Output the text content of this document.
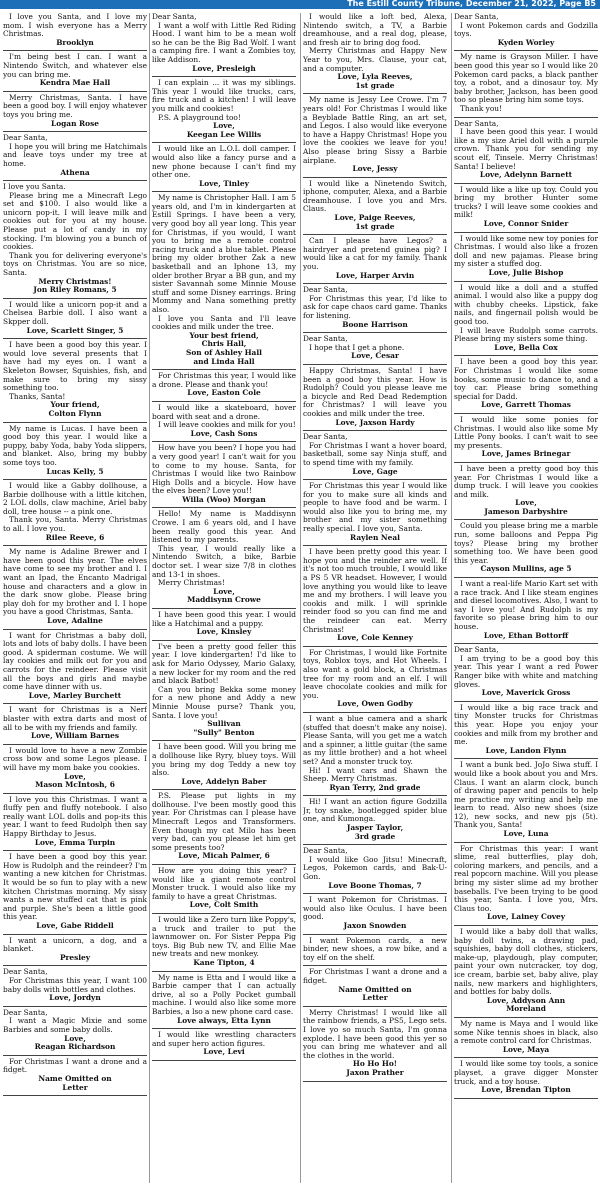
The Estill County Tribune, December 21, 2022, Page B5

I love you Santa, and I love my mom. I wish everyone has a Merry Christmas.

Brooklyn

I'm being best I can. I want a Nintendo Switch, and whatever else you can bring me.

Kendra Mae Hall

Merry Christmas, Santa. I have been a good boy. I will enjoy whatever toys you bring me.

Logan Rose

Dear Santa,

I hope you will bring me Hatchimals and leave toys under my tree at home.

Athena

I love you Santa.

Please bring me a Minecraft Lego set and $100. I also would like a unicorn pop-it. I will leave milk and cookies out for you at my house. Please put a lot of candy in my stocking. I'm blowing you a bunch of cookies.

Thank you for delivering everyone's toys on Christmas. You are so nice, Santa.

Merry Christmas!

Jon Riley Romans, 5

I would like a unicorn pop-it and a Chelsea Barbie doll. I also want a Skpper doll.

Love, Scarlett Singer, 5

I have been a good boy this year. I would love several presents that I have had my eyes on. I want a Skeleton Bowser, Squishies, fish, and make sure to bring my sissy something too.

Thanks, Santa!

Your friend,

Colton Flynn

My name is Lucas. I have been a good boy this year. I would like a puppy, baby Yoda, baby Yoda slippers, and blanket. Also, bring my bubby some toys too.

Lucas Kelly, 5

I would like a Gabby dollhouse, a Barbie dollhouse with a little kitchen, 2 LOL dolls, claw machine, Ariel baby doll, tree house -- a pink one.

Thank you, Santa. Merry Christmas to all. I love you.

Rilee Reeve, 6

My name is Adaline Brewer and I have been good this year. The elves have come to see my brother and I. I want an Ipad, the Encanto Madrigal house and characters and a glow in the dark snow globe. Please bring play doh for my brother and I. I hope you have a good Christmas, Santa.

Love, Adaline

I want for Christmas a baby doll, lots and lots of baby dolls. I have been good. A spiderman costume. We will lay cookies and milk out for you and carrots for the reindeer. Please visit all the boys and girls and maybe come have dinner with us.

Love, Marley Burchett

I want for Christmas is a Nerf blaster with extra darts and most of all to be with my friends and family.

Love, William Barnes

I would love to have a new Zombie cross bow and some Legos please. I will have my mom bake you cookies.

Love,

Mason McIntosh, 6

I love you this Christmas. I want a fluffy pen and fluffy notebook. I also really want LOL dolls and pop-its this year. I want to feed Rudolph then say Happy Birthday to Jesus.

Love, Emma Turpin

I have been a good boy this year. How is Rudolph and the reindeer? I'm wanting a new kitchen for Christmas. It would be so fun to play with a new kitchen Christmas morning. My sissy wants a new stuffed cat that is pink and purple. She's been a little good this year.

Love, Gabe Riddell

I want a unicorn, a dog, and a blanket.

Presley

Dear Santa,

For Christmas this year, I want 100 baby dolls with bottles and clothes.

Love, Jordyn

Dear Santa,

I want a Magic Mixie and some Barbies and some baby dolls.

Love,

Reagan Richardson

For Christmas I want a drone and a fidget.

Name Omitted on

Letter

Dear Santa,

I want a wolf with Little Red Riding Hood. I want him to be a mean wolf so he can be the Big Bad Wolf. I want a camping fire. I want a Zombies toy, like Addison.

Love, Presleigh

I can explain ... it was my siblings. This year I would like trucks, cars, fire truck and a kitchen! I will leave you milk and cookies!

P.S. A playground too!

Love,

Keegan Lee Willis

I would like an L.O.L doll camper. I would also like a fancy purse and a new phone because I can't find my other one.

Love, Tinley

My name is Christopher Hall. I am 5 years old, and I'm in kindergarten at Estill Springs. I have been a very, very good boy all year long. This year for Christmas, if you would, I want you to bring me a remote control racing truck and a blue tablet. Please bring my older brother Zak a new basketball and an Iphone 13, my older brother Bryar a BB gun, and my sister Savannah some Minnie Mouse stuff and some Disney earrings. Bring Mommy and Nana something pretty also.

I love you Santa and I'll leave cookies and milk under the tree.

Your best friend,

Chris Hall,

Son of Ashley Hall

and Linda Hall

For Christmas this year, I would like a drone. Please and thank you!

Love, Easton Cole

I would like a skateboard, hover board with seat and a drone.

I will leave cookies and milk for you!

Love, Cash Sons

How have you been? I hope you had a very good year! I can't wait for you to come to my house. Santa, for Christmas I would like two Rainbow High Dolls and a bicycle. How have the elves been? Love you!!

Willa (Woo) Morgan

Hello! My name is Maddisynn Crowe. I am 6 years old, and I have been really good this year. And listened to my parents.

This year, I would really like a Nintendo Switch, a bike, Barbie doctor set. I wear size 7/8 in clothes and 13-1 in shoes.

Merry Christmas!

Love,

Maddisynn Crowe

I have been good this year. I would like a Hatchimal and a puppy.

Love, Kinsley

I've been a pretty good feller this year. I love kindergarten! I'd like to ask for Mario Odyssey, Mario Galaxy, a new locker for my room and the red and black Batbot!

Can you bring Bekka some money for a new phone and Addy a new Minnie Mouse purse? Thank you, Santa. I love you!

Sullivan

"Sully" Benton

I have been good. Will you bring me a dollhouse like Ryry, bluey toys. Will you bring my dog Teddy a new toy also.

Love, Addelyn Baber

P.S. Please put lights in my dollhouse. I've been mostly good this year. For Christmas can I please have Minecraft Legos and Transformers. Even though my cat Milo has been very bad, can you please let him get some presents too?

Love, Micah Palmer, 6

How are you doing this year? I would like a giant remote control Monster truck. I would also like my family to have a great Christmas.

Love, Colt Smith

I would like a Zero turn like Poppy's, a truck and trailer to put the lawnmower on. For Sister Peppa Pig toys. Big Bub new TV, and Ellie Mae new treats and new monkey.

Kane Tipton, 4

My name is Etta and I would like a Barbie camper that I can actually drive, al so a Polly Pocket gumball machine. I would also like some more Barbies, a lso a new phone card case.

Love always, Etta Lynn

I would like wrestling characters and super hero action figures.

Love, Levi

I would like a loft bed, Alexa, Nintendo switch, a TV, a Barbie dreamhouse, and a real dog, please, and fresh air to bring dog food.

Merry Christmas and Happy New Year to you, Mrs. Clause, your cat, and a computer.

Love, Lyla Reeves,

1st grade

My name is Jessy Lee Crowe. I'm 7 years old! For Christmas I would like a Beyblade Battle Ring, an art set, and Legos. I also would like everyone to have a Happy Christmas! Hope you love the cookies we leave for you! Also please bring Sissy a Barbie airplane.

Love, Jessy

I would like a Ninetendo Switch, iphone, computer, Alexa, and a Barbie dreamhouse. I love you and Mrs. Claus.

Love, Paige Reeves,

1st grade

Can I please have Legos? a hairdryer and pretend guinea pig? I would like a cat for my family. Thank you.

Love, Harper Arvin

Dear Santa,

For Christmas this year, I'd like to ask for cape chaos card game. Thanks for listening.

Boone Harrison

Dear Santa,

I hope that I get a phone.

Love, Cesar

Happy Christmas, Santa! I have been a good boy this year. How is Rudolph? Could you please leave me a bicycle and Red Dead Redemption for Christmas? I will leave you cookies and milk under the tree.

Love, Jaxson Hardy

Dear Santa,

For Christmas I want a hover board, basketball, some say Ninja stuff, and to spend time with my family.

Love, Gage

For Christmas this year I would like for you to make sure all kinds and people to have food and be warm. I would also like you to bring me, my brother and my sister something really special. I love you, Santa.

Raylen Neal

I have been pretty good this year. I hope you and the reinder are well. If it's not too much trouble, I would like a PS 5 VR headset. However, I would love anything you would like to leave me and my brothers. I will leave you cookis and milk. I will sprinkle reinder food so you can find me and the reindeer can eat. Merry Christmas!

Love, Cole Kenney

For Christmas, I would like Fortnite toys, Roblox toys, and Hot Wheels. I also want a gold block, a Christmas tree for my room and an elf. I will leave chocolate cookies and milk for you.

Love, Owen Godby

I want a blue camera and a shark (stuffed that doesn't make any noise). Please Santa, will you get me a watch and a spinner, a little guitar (the same as my little brother) and a hot wheel set? And a monster truck toy.

Hi! I want cars and Shawn the Sheep. Merry Christmas.

Ryan Terry, 2nd grade

Hi! I want an action figure Godzilla Jr, toy snake, bootlegged spider blue one, and Kumonga.

Jasper Taylor,

3rd grade

Dear Santa,

I would like Goo Jitsu! Minecraft, Legos, Pokemon cards, and Bak-U-Gon.

Love Boone Thomas, 7

I want Pokemon for Christmas. I would also like Oculus. I have been good.

Jaxon Snowden

I want Pokemon cards, a new binder, new shoes, a row bike, and a toy elf on the shelf.

For Christmas I want a drone and a fidget.

Name Omitted on

Letter

Merry Christmas! I would like all the rainbow friends, a PS5, Lego sets. I love yo so much Santa, I'm gonna explode. I have been good this yer so you can bring me whatever and all the clothes in the world.

Ho Ho Ho!

Jaxon Prather

Dear Santa,

I wont Pokemon cards and Godzilla toys.

Kyden Worley

My name is Grayson Miller. I have been good this year so I would like 20 Pokemon card packs, a black panther toy, a robot, and a dinosaur toy. My baby brother, Jackson, has been good too so please bring him some toys.

Thank you!

Dear Santa,

I have been good this year. I would like a my size Ariel doll with a purple crown. Thank you for sending my scout elf, Tinsele. Merry Christmas! Santa! I believe!

Love, Adelynn Barnett

I would like a like up toy. Could you bring my brother Hunter some trucks? I will leave some cookies and milk!

Love, Connor Snider

I would like some new toy ponies for Christmas. I would also like a frozen doll and new pajamas. Please bring my sister a stuffed dog.

Love, Julie Bishop

I would like a doll and a stuffed animal. I would also like a puppy dog with chubby cheeks. Lipstick, fake nails, and fingernail polish would be good too.

I will leave Rudolph some carrots. Please bring my sisters some thing.

Love, Bella Cox

I have been a good boy this year. For Christmas I would like some books, some music to dance to, and a toy car. Please bring something special for Dadd.

Love, Garrett Thomas

I would like some ponies for Christmas. I would also like some My Little Pony books. I can't wait to see my presents.

Love, James Brinegar

I have been a pretty good boy this year. For Christmas I would like a dump truck. I will leave you cookies and milk.

Love,

Jameson Darbyshire

Could you please bring me a marble run, some balloons and Peppa Pig toys? Please bring my brother something too. We have been good this year.

Cayson Mullins, age 5

I want a real-life Mario Kart set with a race track. And I like steam engines and diesel locomotives. Also, I want to say I love you! And Rudolph is my favorite so please bring him to our house.

Love, Ethan Bottorff

Dear Santa,

I am trying to be a good boy this year. This year I want a red Power Ranger bike with white and matching gloves.

Love, Maverick Gross

I would like a big race track and tiny Monster trucks for Christmas this year. Hope you enjoy your cookies and milk from my brother and me.

Love, Landon Flynn

I want a bunk bed. JoJo Siwa stuff. I would like a book about you and Mrs. Claus. I want an alarm clock, bunch of drawing paper and pencils to help me practice my writing and help me learn to read. Also new shoes (size 12), new socks, and new pjs (5t). Thank you, Santa!

Love, Luna

For Christmas this year: I want slime, real butterflies, play doh, coloring markers, and pencils, and a real popcorn machine. Will you please bring my sister slime ad my brother baseballs. I've been trying to be good this year, Santa. I love you, Mrs. Claus too.

Love, Lainey Covey

I would like a baby doll that walks, baby doll twins, a drawing pad, squishies, baby doll clothes, stickers, make-up, playdough, play computer, paint your own nutcracker, toy dog, ice cream, barbie set, baby alive, play nails, new markers and highlighters, and bottles for baby dolls.

Love, Addyson Ann

Moreland

My name is Maya and I would like some Nike tennis shoes in black, also a remote control card for Christmas.

Love, Maya

I would like some toy tools, a sonice playset, a grave digger Monster truck, and a toy house.

Love, Brendan Tipton
